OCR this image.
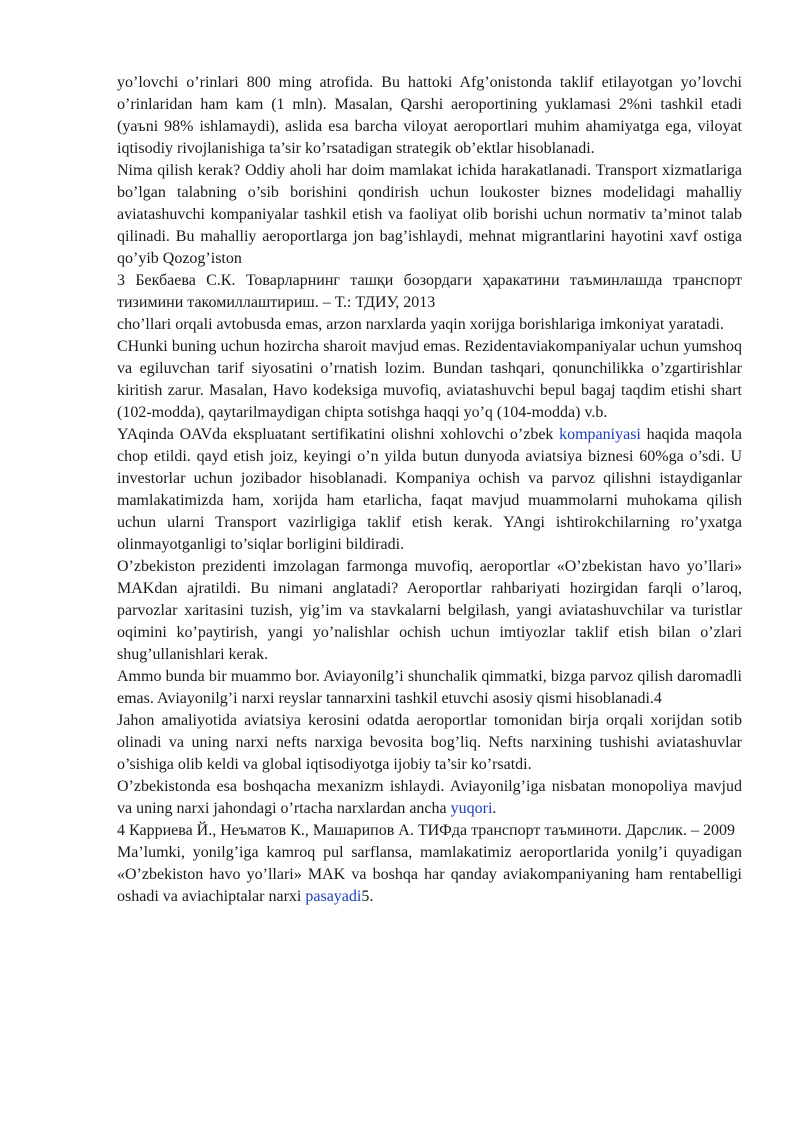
yo’lovchi o’rinlari 800 ming atrofida. Bu hattoki Afg’onistonda taklif etilayotgan yo’lovchi o’rinlaridan ham kam (1 mln). Masalan, Qarshi aeroportining yuklamasi 2%ni tashkil etadi (yaъni 98% ishlamaydi), aslida esa barcha viloyat aeroportlari muhim ahamiyatga ega, viloyat iqtisodiy rivojlanishiga ta’sir ko’rsatadigan strategik ob’ektlar hisoblanadi.

Nima qilish kerak? Oddiy aholi har doim mamlakat ichida harakatlanadi. Transport xizmatlariga bo’lgan talabning o’sib borishini qondirish uchun loukoster biznes modelidagi mahalliy aviatashuvchi kompaniyalar tashkil etish va faoliyat olib borishi uchun normativ ta’minot talab qilinadi. Bu mahalliy aeroportlarga jon bag’ishlaydi, mehnat migrantlarini hayotini xavf ostiga qo’yib Qozog’iston

3 Бекбаева С.К. Товарларнинг ташқи бозордаги ҳаракатини таъминлашда транспорт тизимини такомиллаштириш. – Т.: ТДИУ, 2013

cho’llari orqali avtobusda emas, arzon narxlarda yaqin xorijga borishlariga imkoniyat yaratadi.

CHunki buning uchun hozircha sharoit mavjud emas. Rezidentaviakompaniyalar uchun yumshoq va egiluvchan tarif siyosatini o’rnatish lozim. Bundan tashqari, qonunchilikka o’zgartirishlar kiritish zarur. Masalan, Havo kodeksiga muvofiq, aviatashuvchi bepul bagaj taqdim etishi shart (102-modda), qaytarilmaydigan chipta sotishga haqqi yo’q (104-modda) v.b.

YAqinda OAVda ekspluatant sertifikatini olishni xohlovchi o’zbek kompaniyasi haqida maqola chop etildi. qayd etish joiz, keyingi o’n yilda butun dunyoda aviatsiya biznesi 60%ga o’sdi. U investorlar uchun jozibador hisoblanadi. Kompaniya ochish va parvoz qilishni istaydiganlar mamlakatimizda ham, xorijda ham etarlicha, faqat mavjud muammolarni muhokama qilish uchun ularni Transport vazirligiga taklif etish kerak. YAngi ishtirokchilarning ro’yxatga olinmayotganligi to’siqlar borligini bildiradi.

O’zbekiston prezidenti imzolagan farmonga muvofiq, aeroportlar «O’zbekistan havo yo’llari» MAKdan ajratildi. Bu nimani anglatadi? Aeroportlar rahbariyati hozirgidan farqli o’laroq, parvozlar xaritasini tuzish, yig’im va stavkalarni belgilash, yangi aviatashuvchilar va turistlar oqimini ko’paytirish, yangi yo’nalishlar ochish uchun imtiyozlar taklif etish bilan o’zlari shug’ullanishlari kerak.

Ammo bunda bir muammo bor. Aviayonilg’i shunchalik qimmatki, bizga parvoz qilish daromadli emas. Aviayonilg’i narxi reyslar tannarxini tashkil etuvchi asosiy qismi hisoblanadi.4

Jahon amaliyotida aviatsiya kerosini odatda aeroportlar tomonidan birja orqali xorijdan sotib olinadi va uning narxi nefts narxiga bevosita bog’liq. Nefts narxining tushishi aviatashuvlar o’sishiga olib keldi va global iqtisodiyotga ijobiy ta’sir ko’rsatdi.

O’zbekistonda esa boshqacha mexanizm ishlaydi. Aviayonilg’iga nisbatan monopoliya mavjud va uning narxi jahondagi o’rtacha narxlardan ancha yuqori.

4 Карриева Й., Неъматов К., Машарипов А. ТИФда транспорт таъминоти. Дарслик. – 2009

Ma’lumki, yonilg’iga kamroq pul sarflansa, mamlakatimiz aeroportlarida yonilg’i quyadigan «O’zbekiston havo yo’llari» MAK va boshqa har qanday aviakompaniyaning ham rentabelligi oshadi va aviachiptalar narxi pasayadi5.
